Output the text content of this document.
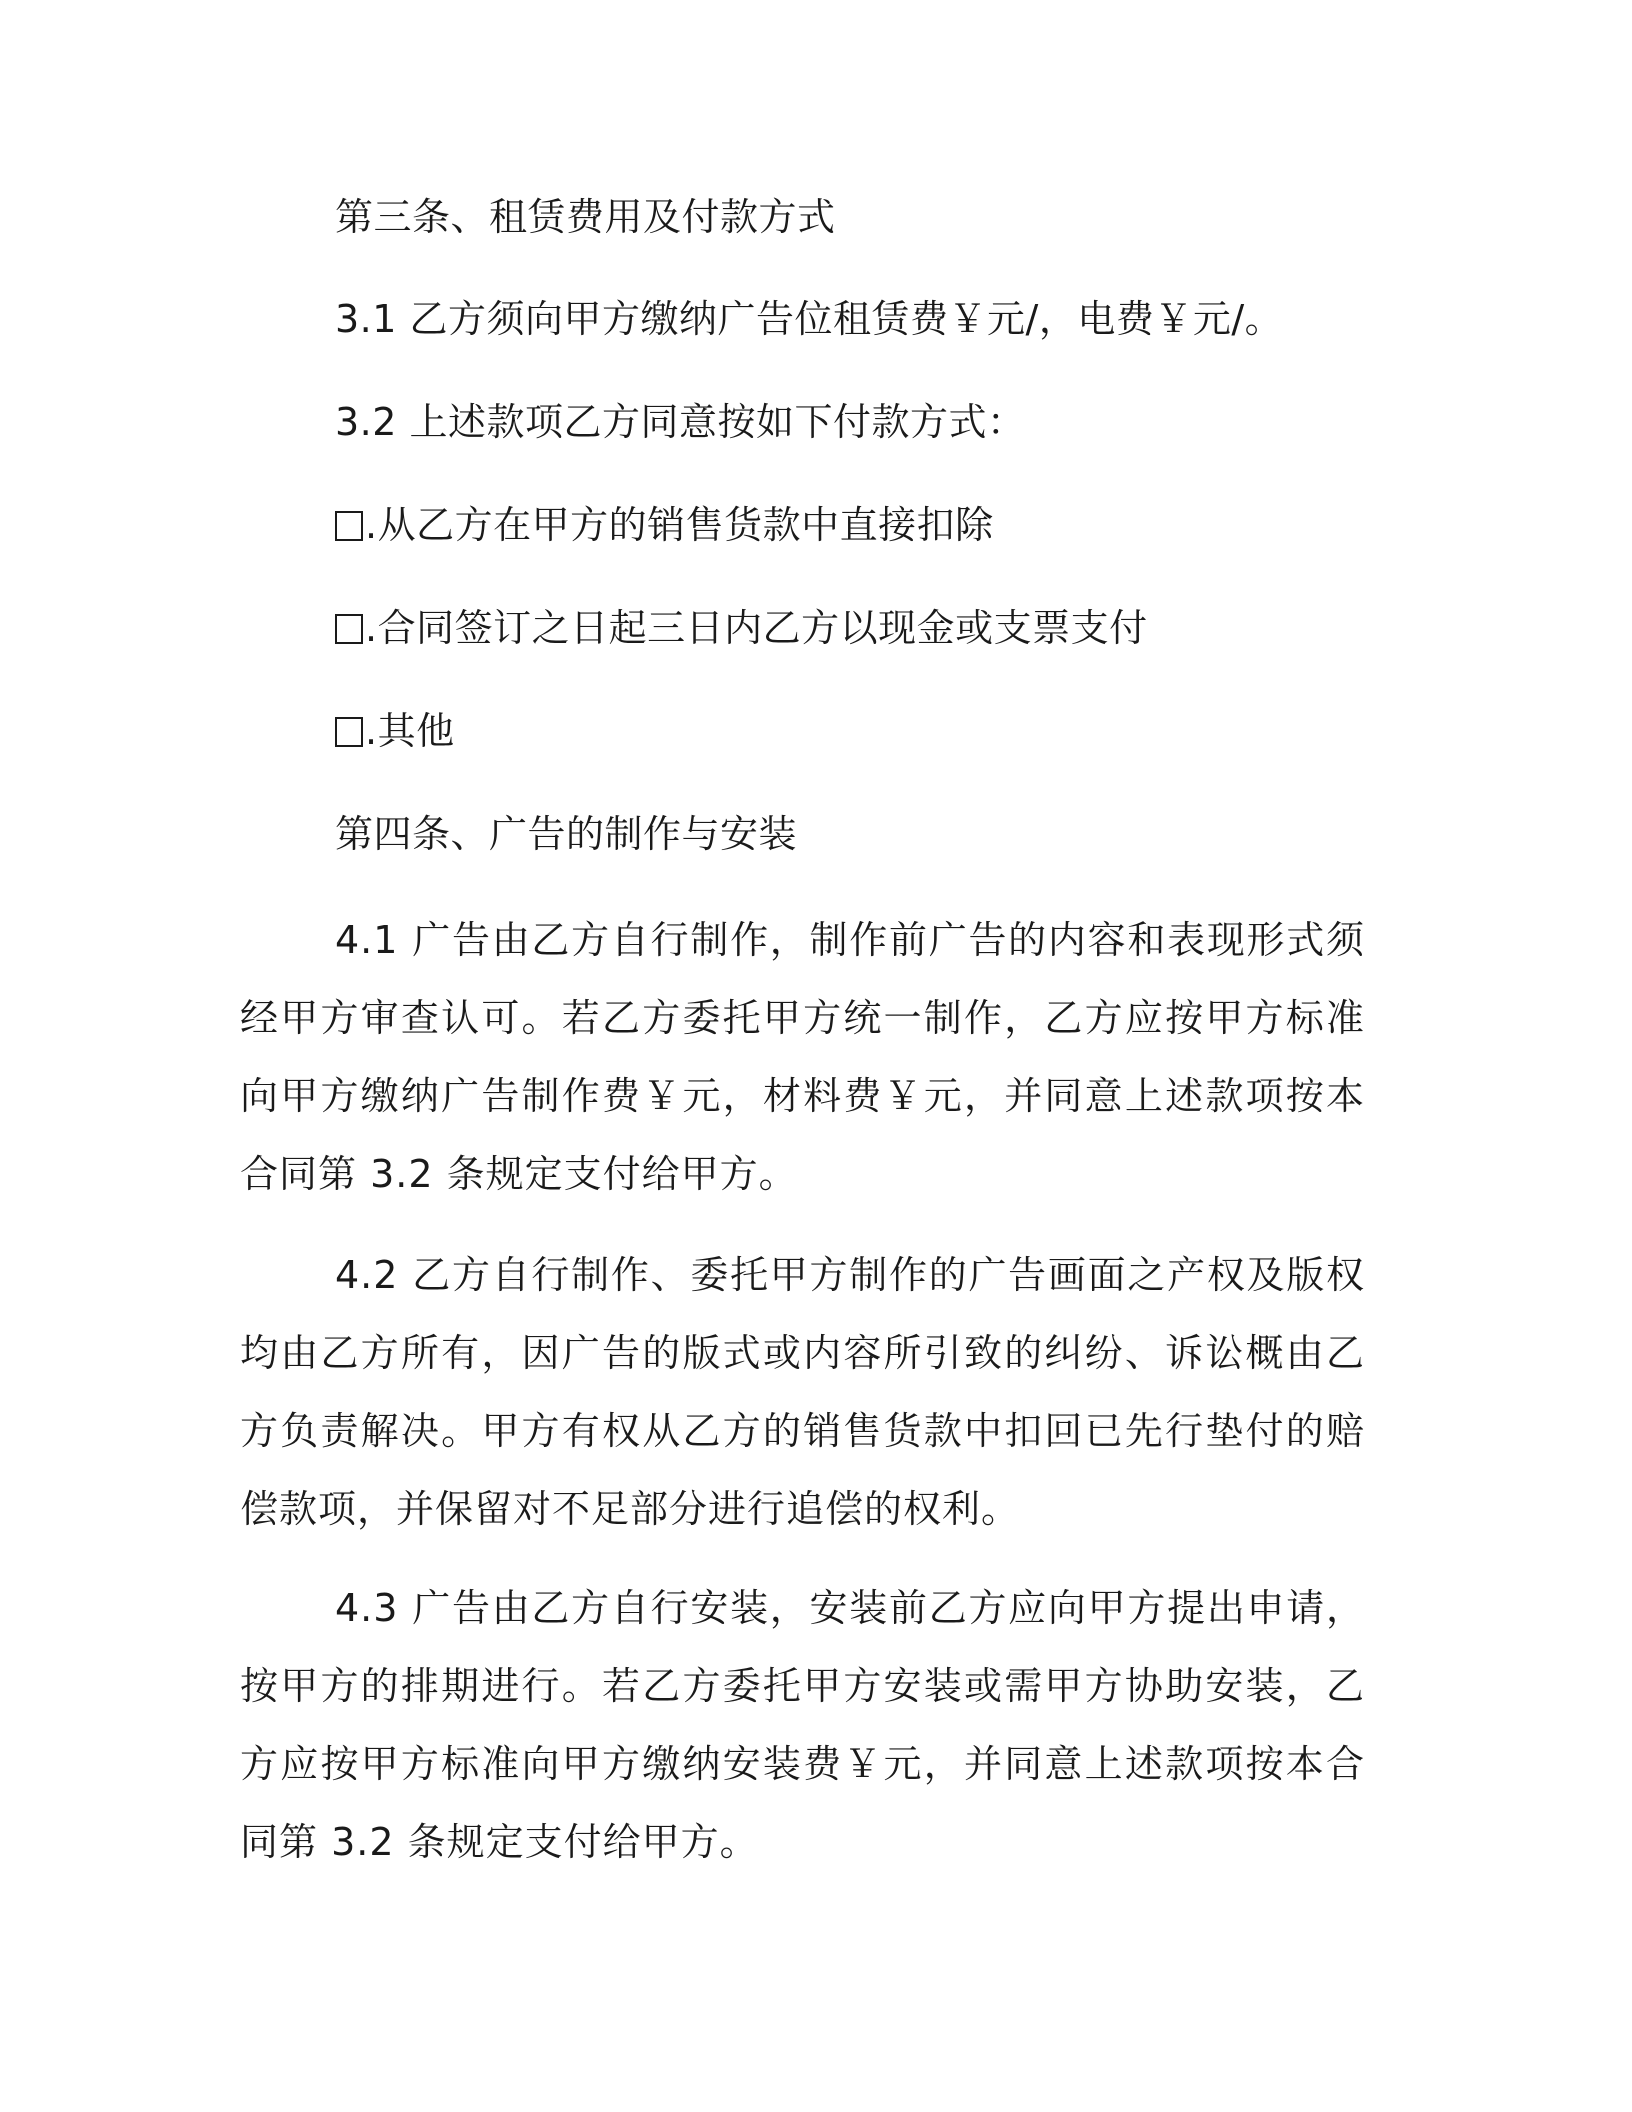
第三条、租赁费用及付款方式
3.1 乙方须向甲方缴纳广告位租赁费￥元/，电费￥元/。
3.2 上述款项乙方同意按如下付款方式：
.从乙方在甲方的销售货款中直接扣除
.合同签订之日起三日内乙方以现金或支票支付
.其他
第四条、广告的制作与安装
4.1 广告由乙方自行制作，制作前广告的内容和表现形式须经甲方审查认可。若乙方委托甲方统一制作，乙方应按甲方标准向甲方缴纳广告制作费￥元，材料费￥元，并同意上述款项按本合同第 3.2 条规定支付给甲方。
4.2 乙方自行制作、委托甲方制作的广告画面之产权及版权均由乙方所有，因广告的版式或内容所引致的纠纷、诉讼概由乙方负责解决。甲方有权从乙方的销售货款中扣回已先行垫付的赔偿款项，并保留对不足部分进行追偿的权利。
4.3 广告由乙方自行安装，安装前乙方应向甲方提出申请，按甲方的排期进行。若乙方委托甲方安装或需甲方协助安装，乙方应按甲方标准向甲方缴纳安装费￥元，并同意上述款项按本合同第 3.2 条规定支付给甲方。
